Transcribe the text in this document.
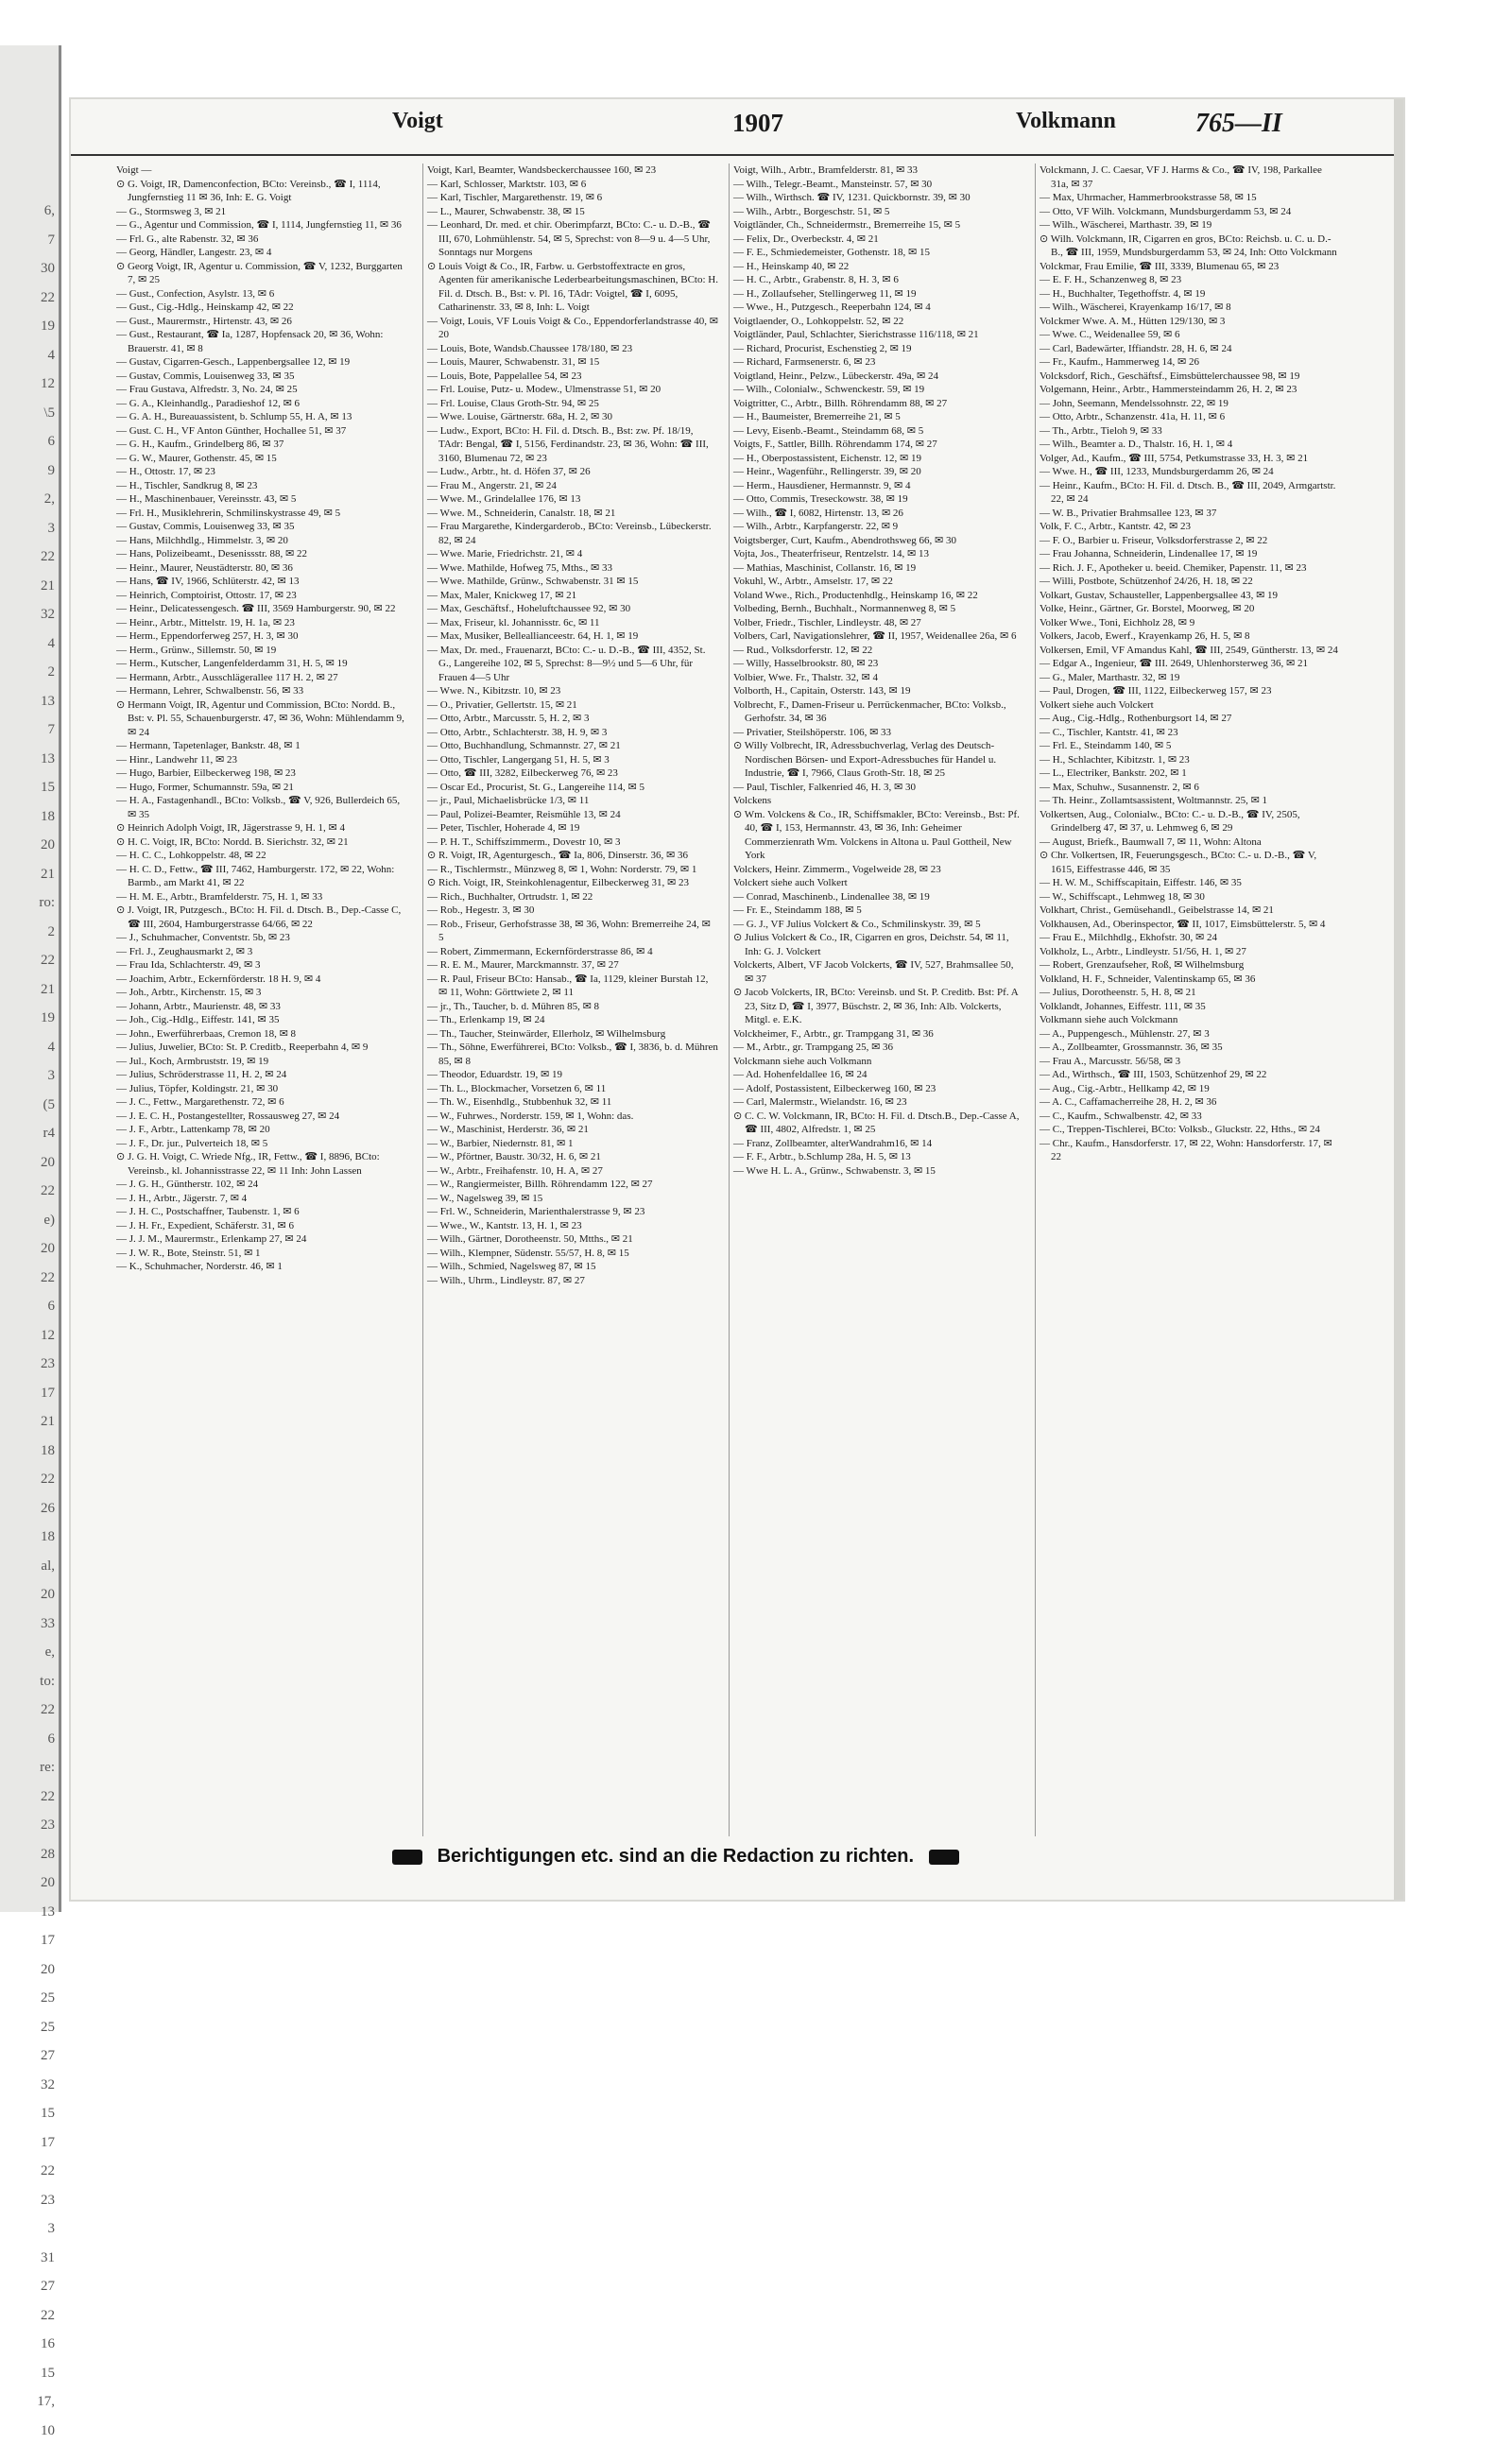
6,
7
30
22
19
4
12
\5
6
9
2,
3
22
21
32
4
2
13
7
13
15
18
20
21
ro:
2
22
21
19
4
3
(5
r4
20
22
e)
20
22
6
12
23
17
21
18
22
26
18
al,
20
33
e,
to:
22
6
re:
22
23
28
20
13
17
20
25
25
27
32
15
17
22
23
3
31
27
22
16
15
17,
10
Voigt	1907	Volkmann	765—II

Voigt —

⊙ G. Voigt, IR, Damenconfection, BCto: Vereinsb., ☎ I, 1114, Jungfernstieg 11 ✉ 36, Inh: E. G. Voigt

— G., Stormsweg 3, ✉ 21

— G., Agentur und Commission, ☎ I, 1114, Jungfernstieg 11, ✉ 36

— Frl. G., alte Rabenstr. 32, ✉ 36

— Georg, Händler, Langestr. 23, ✉ 4

⊙ Georg Voigt, IR, Agentur u. Commission, ☎ V, 1232, Burggarten 7, ✉ 25

— Gust., Confection, Asylstr. 13, ✉ 6

— Gust., Cig.-Hdlg., Heinskamp 42, ✉ 22

— Gust., Maurermstr., Hirtenstr. 43, ✉ 26

— Gust., Restaurant, ☎ Ia, 1287, Hopfensack 20, ✉ 36, Wohn: Brauerstr. 41, ✉ 8

— Gustav, Cigarren-Gesch., Lappenbergsallee 12, ✉ 19

— Gustav, Commis, Louisenweg 33, ✉ 35

— Frau Gustava, Alfredstr. 3, No. 24, ✉ 25

— G. A., Kleinhandlg., Paradieshof 12, ✉ 6

— G. A. H., Bureauassistent, b. Schlump 55, H. A, ✉ 13

— Gust. C. H., VF Anton Günther, Hochallee 51, ✉ 37

— G. H., Kaufm., Grindelberg 86, ✉ 37

— G. W., Maurer, Gothenstr. 45, ✉ 15

— H., Ottostr. 17, ✉ 23

— H., Tischler, Sandkrug 8, ✉ 23

— H., Maschinenbauer, Vereinsstr. 43, ✉ 5

— Frl. H., Musiklehrerin, Schmilinskystrasse 49, ✉ 5

— Gustav, Commis, Louisenweg 33, ✉ 35

— Hans, Milchhdlg., Himmelstr. 3, ✉ 20

— Hans, Polizeibeamt., Desenissstr. 88, ✉ 22

— Heinr., Maurer, Neustädterstr. 80, ✉ 36

— Hans, ☎ IV, 1966, Schlüterstr. 42, ✉ 13

— Heinrich, Comptoirist, Ottostr. 17, ✉ 23

— Heinr., Delicatessengesch. ☎ III, 3569 Hamburgerstr. 90, ✉ 22

— Heinr., Arbtr., Mittelstr. 19, H. 1a, ✉ 23

— Herm., Eppendorferweg 257, H. 3, ✉ 30

— Herm., Grünw., Sillemstr. 50, ✉ 19

— Herm., Kutscher, Langenfelderdamm 31, H. 5, ✉ 19

— Hermann, Arbtr., Ausschlägerallee 117 H. 2, ✉ 27

— Hermann, Lehrer, Schwalbenstr. 56, ✉ 33

⊙ Hermann Voigt, IR, Agentur und Commission, BCto: Nordd. B., Bst: v. Pl. 55, Schauenburgerstr. 47, ✉ 36, Wohn: Mühlendamm 9, ✉ 24

— Hermann, Tapetenlager, Bankstr. 48, ✉ 1

— Hinr., Landwehr 11, ✉ 23

— Hugo, Barbier, Eilbeckerweg 198, ✉ 23

— Hugo, Former, Schumannstr. 59a, ✉ 21

— H. A., Fastagenhandl., BCto: Volksb., ☎ V, 926, Bullerdeich 65, ✉ 35

⊙ Heinrich Adolph Voigt, IR, Jägerstrasse 9, H. 1, ✉ 4

⊙ H. C. Voigt, IR, BCto: Nordd. B. Sierichstr. 32, ✉ 21

— H. C. C., Lohkoppelstr. 48, ✉ 22

— H. C. D., Fettw., ☎ III, 7462, Hamburgerstr. 172, ✉ 22, Wohn: Barmb., am Markt 41, ✉ 22

— H. M. E., Arbtr., Bramfelderstr. 75, H. 1, ✉ 33

⊙ J. Voigt, IR, Putzgesch., BCto: H. Fil. d. Dtsch. B., Dep.-Casse C, ☎ III, 2604, Hamburgerstrasse 64/66, ✉ 22

— J., Schuhmacher, Conventstr. 5b, ✉ 23

— Frl. J., Zeughausmarkt 2, ✉ 3

— Frau Ida, Schlachterstr. 49, ✉ 3

— Joachim, Arbtr., Eckernförderstr. 18 H. 9, ✉ 4

— Joh., Arbtr., Kirchenstr. 15, ✉ 3

— Johann, Arbtr., Maurienstr. 48, ✉ 33

— Joh., Cig.-Hdlg., Eiffestr. 141, ✉ 35

— John., Ewerführerbaas, Cremon 18, ✉ 8

— Julius, Juwelier, BCto: St. P. Creditb., Reeperbahn 4, ✉ 9

— Jul., Koch, Armbruststr. 19, ✉ 19

— Julius, Schröderstrasse 11, H. 2, ✉ 24

— Julius, Töpfer, Koldingstr. 21, ✉ 30

— J. C., Fettw., Margarethenstr. 72, ✉ 6

— J. E. C. H., Postangestellter, Rossausweg 27, ✉ 24

— J. F., Arbtr., Lattenkamp 78, ✉ 20

— J. F., Dr. jur., Pulverteich 18, ✉ 5

⊙ J. G. H. Voigt, C. Wriede Nfg., IR, Fettw., ☎ I, 8896, BCto: Vereinsb., kl. Johannisstrasse 22, ✉ 11 Inh: John Lassen

— J. G. H., Güntherstr. 102, ✉ 24

— J. H., Arbtr., Jägerstr. 7, ✉ 4

— J. H. C., Postschaffner, Taubenstr. 1, ✉ 6

— J. H. Fr., Expedient, Schäferstr. 31, ✉ 6

— J. J. M., Maurermstr., Erlenkamp 27, ✉ 24

— J. W. R., Bote, Steinstr. 51, ✉ 1

— K., Schuhmacher, Norderstr. 46, ✉ 1

Voigt, Karl, Beamter, Wandsbeckerchaussee 160, ✉ 23

— Karl, Schlosser, Marktstr. 103, ✉ 6

— Karl, Tischler, Margarethenstr. 19, ✉ 6

— L., Maurer, Schwabenstr. 38, ✉ 15

— Leonhard, Dr. med. et chir. Oberimpfarzt, BCto: C.- u. D.-B., ☎ III, 670, Lohmühlenstr. 54, ✉ 5, Sprechst: von 8—9 u. 4—5 Uhr, Sonntags nur Morgens

⊙ Louis Voigt & Co., IR, Farbw. u. Gerbstoffextracte en gros, Agenten für amerikanische Lederbearbeitungsmaschinen, BCto: H. Fil. d. Dtsch. B., Bst: v. Pl. 16, TAdr: Voigtel, ☎ I, 6095, Catharinenstr. 33, ✉ 8, Inh: L. Voigt

— Voigt, Louis, VF Louis Voigt & Co., Eppendorferlandstrasse 40, ✉ 20

— Louis, Bote, Wandsb.Chaussee 178/180, ✉ 23

— Louis, Maurer, Schwabenstr. 31, ✉ 15

— Louis, Bote, Pappelallee 54, ✉ 23

— Frl. Louise, Putz- u. Modew., Ulmenstrasse 51, ✉ 20

— Frl. Louise, Claus Groth-Str. 94, ✉ 25

— Wwe. Louise, Gärtnerstr. 68a, H. 2, ✉ 30

— Ludw., Export, BCto: H. Fil. d. Dtsch. B., Bst: zw. Pf. 18/19, TAdr: Bengal, ☎ I, 5156, Ferdinandstr. 23, ✉ 36, Wohn: ☎ III, 3160, Blumenau 72, ✉ 23

— Ludw., Arbtr., ht. d. Höfen 37, ✉ 26

— Frau M., Angerstr. 21, ✉ 24

— Wwe. M., Grindelallee 176, ✉ 13

— Wwe. M., Schneiderin, Canalstr. 18, ✉ 21

— Frau Margarethe, Kindergarderob., BCto: Vereinsb., Lübeckerstr. 82, ✉ 24

— Wwe. Marie, Friedrichstr. 21, ✉ 4

— Wwe. Mathilde, Hofweg 75, Mths., ✉ 33

— Wwe. Mathilde, Grünw., Schwabenstr. 31 ✉ 15

— Max, Maler, Knickweg 17, ✉ 21

— Max, Geschäftsf., Hoheluftchaussee 92, ✉ 30

— Max, Friseur, kl. Johannisstr. 6c, ✉ 11

— Max, Musiker, Belleallianceestr. 64, H. 1, ✉ 19

— Max, Dr. med., Frauenarzt, BCto: C.- u. D.-B., ☎ III, 4352, St. G., Langereihe 102, ✉ 5, Sprechst: 8—9½ und 5—6 Uhr, für Frauen 4—5 Uhr

— Wwe. N., Kibitzstr. 10, ✉ 23

— O., Privatier, Gellertstr. 15, ✉ 21

— Otto, Arbtr., Marcusstr. 5, H. 2, ✉ 3

— Otto, Arbtr., Schlachterstr. 38, H. 9, ✉ 3

— Otto, Buchhandlung, Schmannstr. 27, ✉ 21

— Otto, Tischler, Langergang 51, H. 5, ✉ 3

— Otto, ☎ III, 3282, Eilbeckerweg 76, ✉ 23

— Oscar Ed., Procurist, St. G., Langereihe 114, ✉ 5

— jr., Paul, Michaelisbrücke 1/3, ✉ 11

— Paul, Polizei-Beamter, Reismühle 13, ✉ 24

— Peter, Tischler, Hoherade 4, ✉ 19

— P. H. T., Schiffszimmerm., Dovestr 10, ✉ 3

⊙ R. Voigt, IR, Agenturgesch., ☎ Ia, 806, Dinserstr. 36, ✉ 36

— R., Tischlermstr., Münzweg 8, ✉ 1, Wohn: Norderstr. 79, ✉ 1

⊙ Rich. Voigt, IR, Steinkohlenagentur, Eilbeckerweg 31, ✉ 23

— Rich., Buchhalter, Ortrudstr. 1, ✉ 22

— Rob., Hegestr. 3, ✉ 30

— Rob., Friseur, Gerhofstrasse 38, ✉ 36, Wohn: Bremerreihe 24, ✉ 5

— Robert, Zimmermann, Eckernförderstrasse 86, ✉ 4

— R. E. M., Maurer, Marckmannstr. 37, ✉ 27

— R. Paul, Friseur BCto: Hansab., ☎ Ia, 1129, kleiner Burstah 12, ✉ 11, Wohn: Görttwiete 2, ✉ 11

— jr., Th., Taucher, b. d. Mühren 85, ✉ 8

— Th., Erlenkamp 19, ✉ 24

— Th., Taucher, Steinwärder, Ellerholz, ✉ Wilhelmsburg

— Th., Söhne, Ewerführerei, BCto: Volksb., ☎ I, 3836, b. d. Mühren 85, ✉ 8

— Theodor, Eduardstr. 19, ✉ 19

— Th. L., Blockmacher, Vorsetzen 6, ✉ 11

— Th. W., Eisenhdlg., Stubbenhuk 32, ✉ 11

— W., Fuhrwes., Norderstr. 159, ✉ 1, Wohn: das.

— W., Maschinist, Herderstr. 36, ✉ 21

— W., Barbier, Niedernstr. 81, ✉ 1

— W., Pförtner, Baustr. 30/32, H. 6, ✉ 21

— W., Arbtr., Freihafenstr. 10, H. A, ✉ 27

— W., Rangiermeister, Billh. Röhrendamm 122, ✉ 27

— W., Nagelsweg 39, ✉ 15

— Frl. W., Schneiderin, Marienthalerstrasse 9, ✉ 23

— Wwe., W., Kantstr. 13, H. 1, ✉ 23

— Wilh., Gärtner, Dorotheenstr. 50, Mtths., ✉ 21

— Wilh., Klempner, Südenstr. 55/57, H. 8, ✉ 15

— Wilh., Schmied, Nagelsweg 87, ✉ 15

— Wilh., Uhrm., Lindleystr. 87, ✉ 27

Voigt, Wilh., Arbtr., Bramfelderstr. 81, ✉ 33

— Wilh., Telegr.-Beamt., Mansteinstr. 57, ✉ 30

— Wilh., Wirthsch. ☎ IV, 1231. Quickbornstr. 39, ✉ 30

— Wilh., Arbtr., Borgeschstr. 51, ✉ 5

Voigtländer, Ch., Schneidermstr., Bremerreihe 15, ✉ 5

— Felix, Dr., Overbeckstr. 4, ✉ 21

— F. E., Schmiedemeister, Gothenstr. 18, ✉ 15

— H., Heinskamp 40, ✉ 22

— H. C., Arbtr., Grabenstr. 8, H. 3, ✉ 6

— H., Zollaufseher, Stellingerweg 11, ✉ 19

— Wwe., H., Putzgesch., Reeperbahn 124, ✉ 4

Voigtlaender, O., Lohkoppelstr. 52, ✉ 22

Voigtländer, Paul, Schlachter, Sierichstrasse 116/118, ✉ 21

— Richard, Procurist, Eschenstieg 2, ✉ 19

— Richard, Farmsenerstr. 6, ✉ 23

Voigtland, Heinr., Pelzw., Lübeckerstr. 49a, ✉ 24

— Wilh., Colonialw., Schwenckestr. 59, ✉ 19

Voigtritter, C., Arbtr., Billh. Röhrendamm 88, ✉ 27

— H., Baumeister, Bremerreihe 21, ✉ 5

— Levy, Eisenb.-Beamt., Steindamm 68, ✉ 5

Voigts, F., Sattler, Billh. Röhrendamm 174, ✉ 27

— H., Oberpostassistent, Eichenstr. 12, ✉ 19

— Heinr., Wagenführ., Rellingerstr. 39, ✉ 20

— Herm., Hausdiener, Hermannstr. 9, ✉ 4

— Otto, Commis, Treseckowstr. 38, ✉ 19

— Wilh., ☎ I, 6082, Hirtenstr. 13, ✉ 26

— Wilh., Arbtr., Karpfangerstr. 22, ✉ 9

Voigtsberger, Curt, Kaufm., Abendrothsweg 66, ✉ 30

Vojta, Jos., Theaterfriseur, Rentzelstr. 14, ✉ 13

— Mathias, Maschinist, Collanstr. 16, ✉ 19

Vokuhl, W., Arbtr., Amselstr. 17, ✉ 22

Voland Wwe., Rich., Productenhdlg., Heinskamp 16, ✉ 22

Volbeding, Bernh., Buchhalt., Normannenweg 8, ✉ 5

Volber, Friedr., Tischler, Lindleystr. 48, ✉ 27

Volbers, Carl, Navigationslehrer, ☎ II, 1957, Weidenallee 26a, ✉ 6

— Rud., Volksdorferstr. 12, ✉ 22

— Willy, Hasselbrookstr. 80, ✉ 23

Volbier, Wwe. Fr., Thalstr. 32, ✉ 4

Volborth, H., Capitain, Osterstr. 143, ✉ 19

Volbrecht, F., Damen-Friseur u. Perrückenmacher, BCto: Volksb., Gerhofstr. 34, ✉ 36

— Privatier, Steilshöperstr. 106, ✉ 33

⊙ Willy Volbrecht, IR, Adressbuchverlag, Verlag des Deutsch-Nordischen Börsen- und Export-Adressbuches für Handel u. Industrie, ☎ I, 7966, Claus Groth-Str. 18, ✉ 25

— Paul, Tischler, Falkenried 46, H. 3, ✉ 30

Volckens

⊙ Wm. Volckens & Co., IR, Schiffsmakler, BCto: Vereinsb., Bst: Pf. 40, ☎ I, 153, Hermannstr. 43, ✉ 36, Inh: Geheimer Commerzienrath Wm. Volckens in Altona u. Paul Gottheil, New York

Volckers, Heinr. Zimmerm., Vogelweide 28, ✉ 23

Volckert siehe auch Volkert

— Conrad, Maschinenb., Lindenallee 38, ✉ 19

— Fr. E., Steindamm 188, ✉ 5

— G. J., VF Julius Volckert & Co., Schmilinskystr. 39, ✉ 5

⊙ Julius Volckert & Co., IR, Cigarren en gros, Deichstr. 54, ✉ 11, Inh: G. J. Volckert

Volckerts, Albert, VF Jacob Volckerts, ☎ IV, 527, Brahmsallee 50, ✉ 37

⊙ Jacob Volckerts, IR, BCto: Vereinsb. und St. P. Creditb. Bst: Pf. A 23, Sitz D, ☎ I, 3977, Büschstr. 2, ✉ 36, Inh: Alb. Volckerts, Mitgl. e. E.K.

Volckheimer, F., Arbtr., gr. Trampgang 31, ✉ 36

— M., Arbtr., gr. Trampgang 25, ✉ 36

Volckmann siehe auch Volkmann

— Ad. Hohenfeldallee 16, ✉ 24

— Adolf, Postassistent, Eilbeckerweg 160, ✉ 23

— Carl, Malermstr., Wielandstr. 16, ✉ 23

⊙ C. C. W. Volckmann, IR, BCto: H. Fil. d. Dtsch.B., Dep.-Casse A, ☎ III, 4802, Alfredstr. 1, ✉ 25

— Franz, Zollbeamter, alterWandrahm16, ✉ 14

— F. F., Arbtr., b.Schlump 28a, H. 5, ✉ 13

— Wwe H. L. A., Grünw., Schwabenstr. 3, ✉ 15

Volckmann, J. C. Caesar, VF J. Harms & Co., ☎ IV, 198, Parkallee 31a, ✉ 37

— Max, Uhrmacher, Hammerbrookstrasse 58, ✉ 15

— Otto, VF Wilh. Volckmann, Mundsburgerdamm 53, ✉ 24

— Wilh., Wäscherei, Marthastr. 39, ✉ 19

⊙ Wilh. Volckmann, IR, Cigarren en gros, BCto: Reichsb. u. C. u. D.-B., ☎ III, 1959, Mundsburgerdamm 53, ✉ 24, Inh: Otto Volckmann

Volckmar, Frau Emilie, ☎ III, 3339, Blumenau 65, ✉ 23

— E. F. H., Schanzenweg 8, ✉ 23

— H., Buchhalter, Tegethoffstr. 4, ✉ 19

— Wilh., Wäscherei, Krayenkamp 16/17, ✉ 8

Volckmer Wwe. A. M., Hütten 129/130, ✉ 3

— Wwe. C., Weidenallee 59, ✉ 6

— Carl, Badewärter, Iffiandstr. 28, H. 6, ✉ 24

— Fr., Kaufm., Hammerweg 14, ✉ 26

Volcksdorf, Rich., Geschäftsf., Eimsbüttelerchaussee 98, ✉ 19

Volgemann, Heinr., Arbtr., Hammersteindamm 26, H. 2, ✉ 23

— John, Seemann, Mendelssohnstr. 22, ✉ 19

— Otto, Arbtr., Schanzenstr. 41a, H. 11, ✉ 6

— Th., Arbtr., Tieloh 9, ✉ 33

— Wilh., Beamter a. D., Thalstr. 16, H. 1, ✉ 4

Volger, Ad., Kaufm., ☎ III, 5754, Petkumstrasse 33, H. 3, ✉ 21

— Wwe. H., ☎ III, 1233, Mundsburgerdamm 26, ✉ 24

— Heinr., Kaufm., BCto: H. Fil. d. Dtsch. B., ☎ III, 2049, Armgartstr. 22, ✉ 24

— W. B., Privatier Brahmsallee 123, ✉ 37

Volk, F. C., Arbtr., Kantstr. 42, ✉ 23

— F. O., Barbier u. Friseur, Volksdorferstrasse 2, ✉ 22

— Frau Johanna, Schneiderin, Lindenallee 17, ✉ 19

— Rich. J. F., Apotheker u. beeid. Chemiker, Papenstr. 11, ✉ 23

— Willi, Postbote, Schützenhof 24/26, H. 18, ✉ 22

Volkart, Gustav, Schausteller, Lappenbergsallee 43, ✉ 19

Volke, Heinr., Gärtner, Gr. Borstel, Moorweg, ✉ 20

Volker Wwe., Toni, Eichholz 28, ✉ 9

Volkers, Jacob, Ewerf., Krayenkamp 26, H. 5, ✉ 8

Volkersen, Emil, VF Amandus Kahl, ☎ III, 2549, Güntherstr. 13, ✉ 24

— Edgar A., Ingenieur, ☎ III. 2649, Uhlenhorsterweg 36, ✉ 21

— G., Maler, Marthastr. 32, ✉ 19

— Paul, Drogen, ☎ III, 1122, Eilbeckerweg 157, ✉ 23

Volkert siehe auch Volckert

— Aug., Cig.-Hdlg., Rothenburgsort 14, ✉ 27

— C., Tischler, Kantstr. 41, ✉ 23

— Frl. E., Steindamm 140, ✉ 5

— H., Schlachter, Kibitzstr. 1, ✉ 23

— L., Electriker, Bankstr. 202, ✉ 1

— Max, Schuhw., Susannenstr. 2, ✉ 6

— Th. Heinr., Zollamtsassistent, Woltmannstr. 25, ✉ 1

Volkertsen, Aug., Colonialw., BCto: C.- u. D.-B., ☎ IV, 2505, Grindelberg 47, ✉ 37, u. Lehmweg 6, ✉ 29

— August, Briefk., Baumwall 7, ✉ 11, Wohn: Altona

⊙ Chr. Volkertsen, IR, Feuerungsgesch., BCto: C.- u. D.-B., ☎ V, 1615, Eiffestrasse 446, ✉ 35

— H. W. M., Schiffscapitain, Eiffestr. 146, ✉ 35

— W., Schiffscapt., Lehmweg 18, ✉ 30

Volkhart, Christ., Gemüsehandl., Geibelstrasse 14, ✉ 21

Volkhausen, Ad., Oberinspector, ☎ II, 1017, Eimsbüttelerstr. 5, ✉ 4

— Frau E., Milchhdlg., Ekhofstr. 30, ✉ 24

Volkholz, L., Arbtr., Lindleystr. 51/56, H. 1, ✉ 27

— Robert, Grenzaufseher, Roß, ✉ Wilhelmsburg

Volkland, H. F., Schneider, Valentinskamp 65, ✉ 36

— Julius, Dorotheenstr. 5, H. 8, ✉ 21

Volklandt, Johannes, Eiffestr. 111, ✉ 35

Volkmann siehe auch Volckmann

— A., Puppengesch., Mühlenstr. 27, ✉ 3

— A., Zollbeamter, Grossmannstr. 36, ✉ 35

— Frau A., Marcusstr. 56/58, ✉ 3

— Ad., Wirthsch., ☎ III, 1503, Schützenhof 29, ✉ 22

— Aug., Cig.-Arbtr., Hellkamp 42, ✉ 19

— A. C., Caffamacherreihe 28, H. 2, ✉ 36

— C., Kaufm., Schwalbenstr. 42, ✉ 33

— C., Treppen-Tischlerei, BCto: Volksb., Gluckstr. 22, Hths., ✉ 24

— Chr., Kaufm., Hansdorferstr. 17, ✉ 22, Wohn: Hansdorferstr. 17, ✉ 22

Berichtigungen etc. sind an die Redaction zu richten.
